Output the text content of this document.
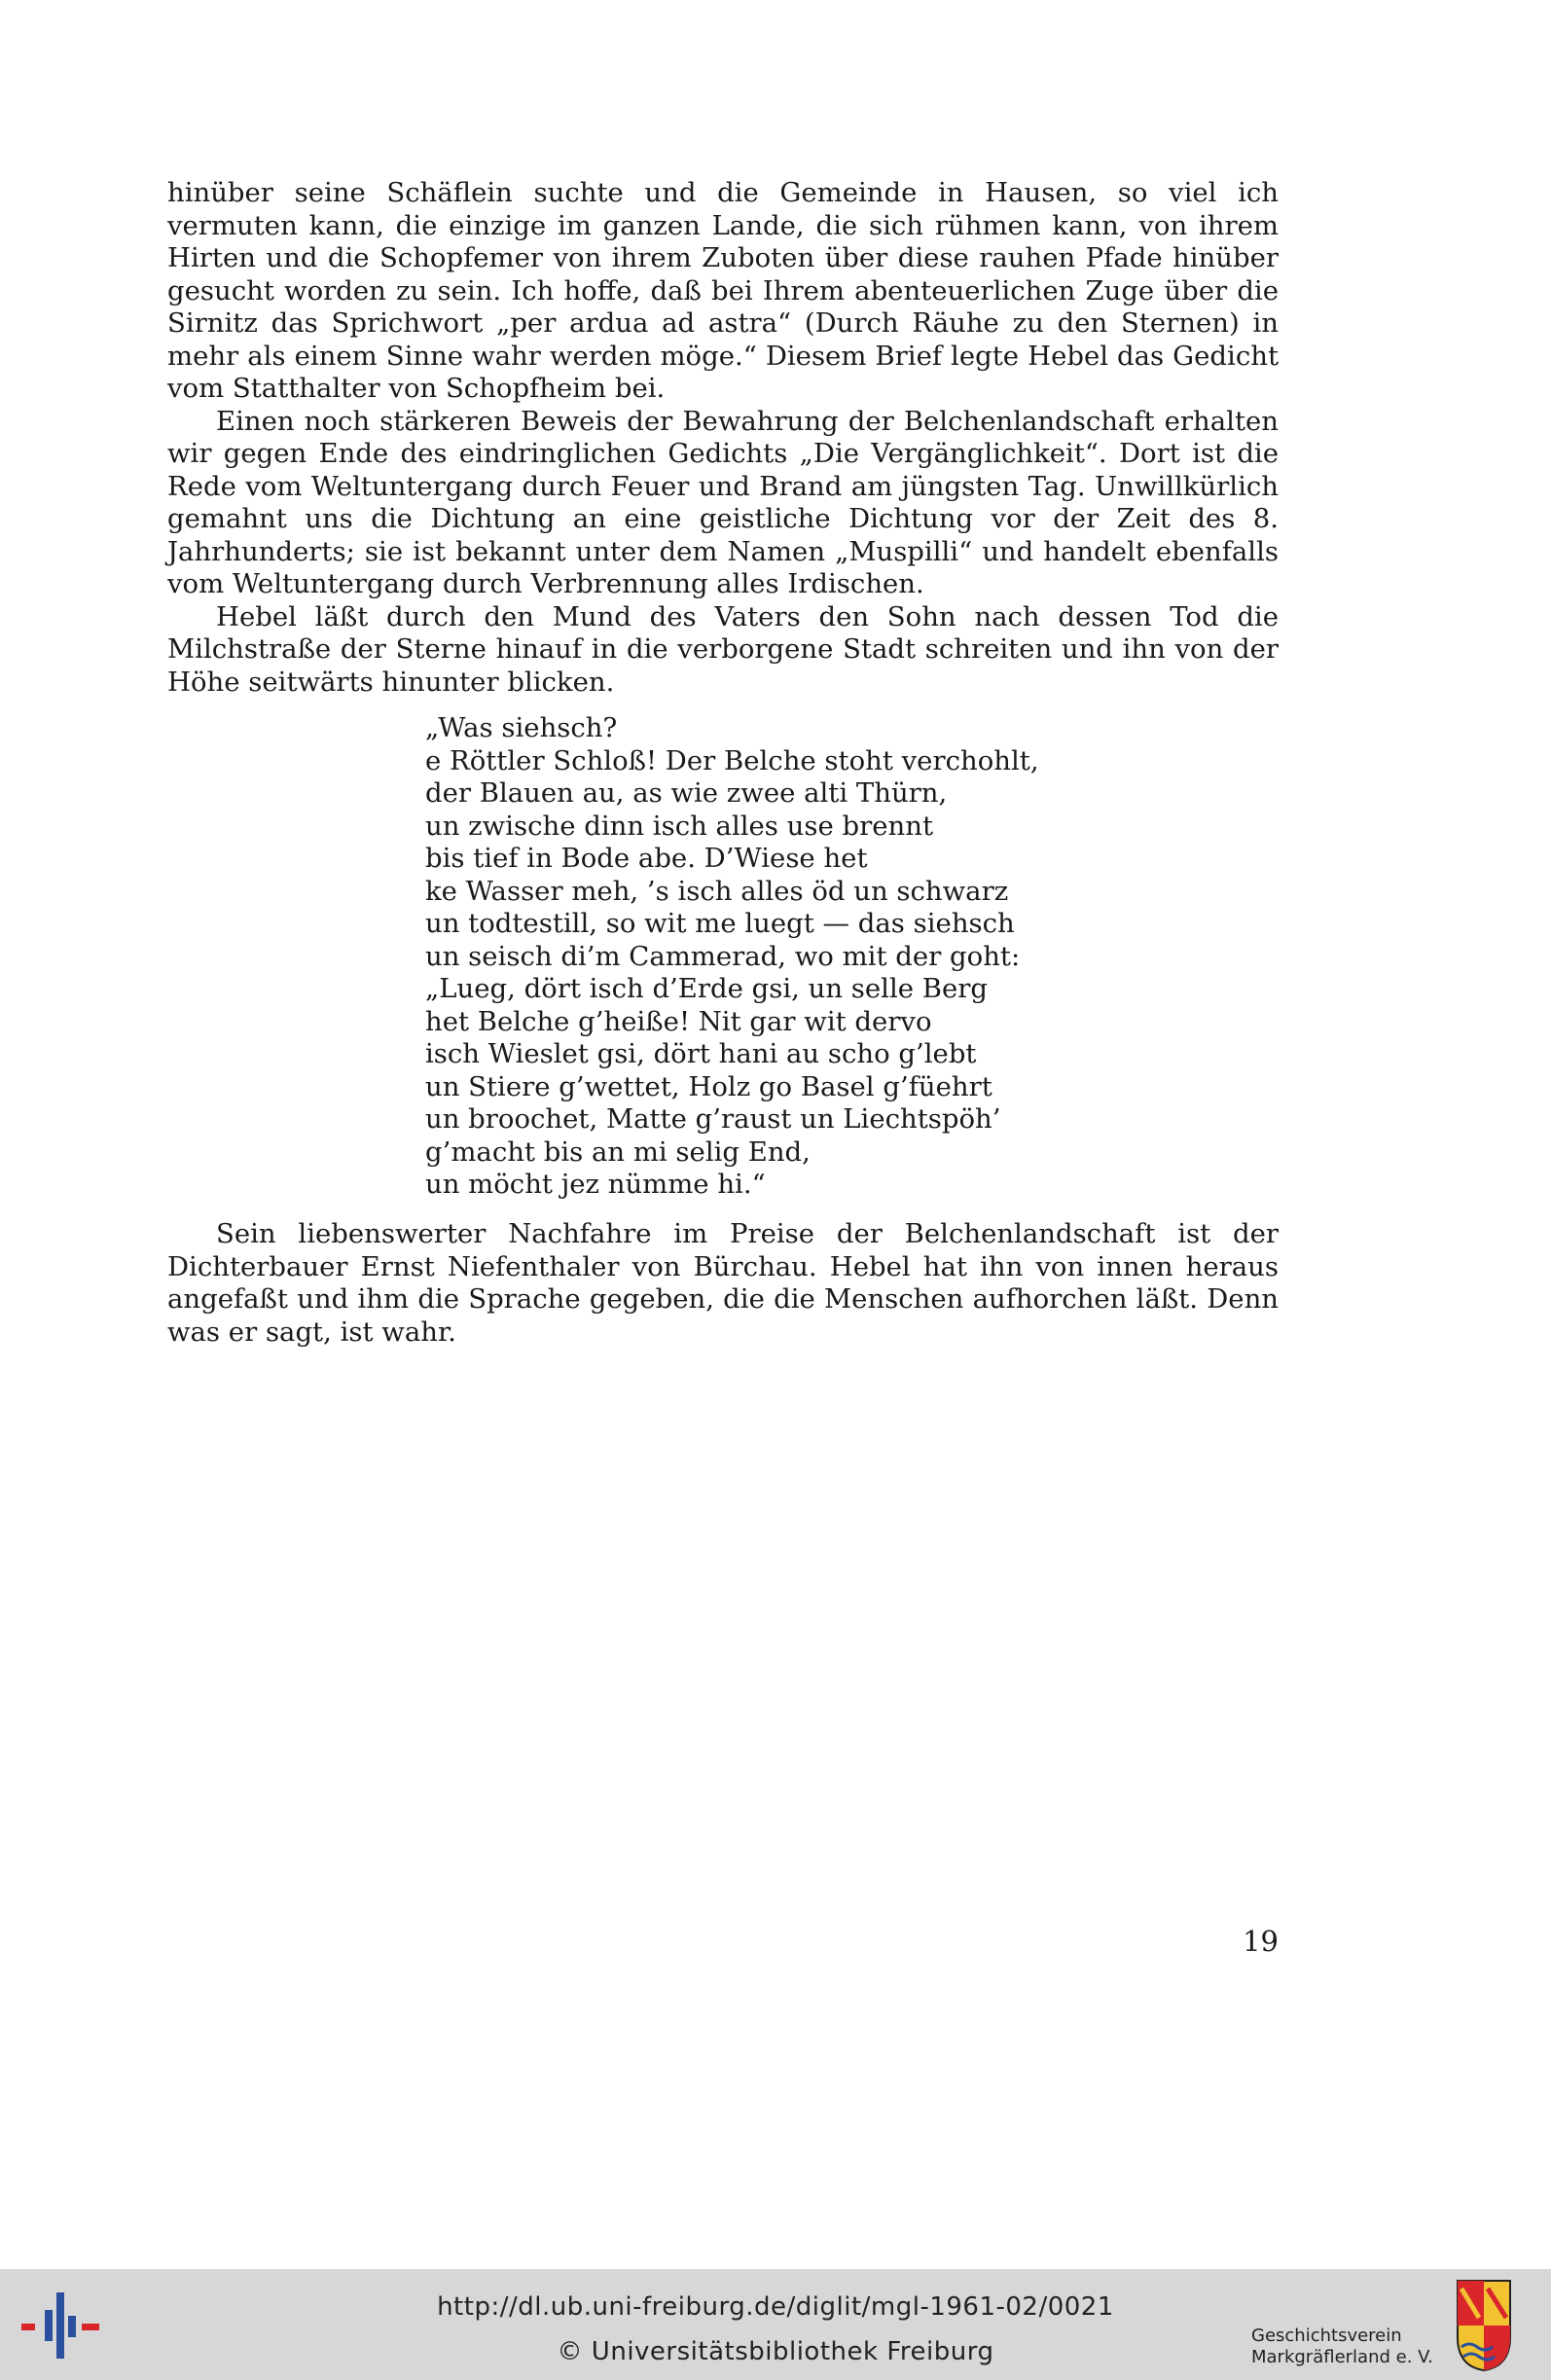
hinüber seine Schäflein suchte und die Gemeinde in Hausen, so viel ich vermuten kann, die einzige im ganzen Lande, die sich rühmen kann, von ihrem Hirten und die Schopfemer von ihrem Zuboten über diese rauhen Pfade hinüber gesucht worden zu sein. Ich hoffe, daß bei Ihrem abenteuerlichen Zuge über die Sirnitz das Sprichwort „per ardua ad astra“ (Durch Räuhe zu den Sternen) in mehr als einem Sinne wahr werden möge.“ Diesem Brief legte Hebel das Gedicht vom Statthalter von Schopfheim bei.

Einen noch stärkeren Beweis der Bewahrung der Belchenlandschaft erhalten wir gegen Ende des eindringlichen Gedichts „Die Vergänglichkeit“. Dort ist die Rede vom Weltuntergang durch Feuer und Brand am jüngsten Tag. Unwillkürlich gemahnt uns die Dichtung an eine geistliche Dichtung vor der Zeit des 8. Jahrhunderts; sie ist bekannt unter dem Namen „Muspilli“ und handelt ebenfalls vom Weltuntergang durch Verbrennung alles Irdischen.

Hebel läßt durch den Mund des Vaters den Sohn nach dessen Tod die Milchstraße der Sterne hinauf in die verborgene Stadt schreiten und ihn von der Höhe seitwärts hinunter blicken.

„Was siehsch?
e Röttler Schloß! Der Belche stoht verchohlt,
der Blauen au, as wie zwee alti Thürn,
un zwische dinn isch alles use brennt
bis tief in Bode abe. D’Wiese het
ke Wasser meh, ’s isch alles öd un schwarz
un todtestill, so wit me luegt — das siehsch
un seisch di’m Cammerad, wo mit der goht:
„Lueg, dört isch d’Erde gsi, un selle Berg
het Belche g’heiße! Nit gar wit dervo
isch Wieslet gsi, dört hani au scho g’lebt
un Stiere g’wettet, Holz go Basel g’füehrt
un broochet, Matte g’raust un Liechtspöh’
g’macht bis an mi selig End,
un möcht jez nümme hi.“

Sein liebenswerter Nachfahre im Preise der Belchenlandschaft ist der Dichterbauer Ernst Niefenthaler von Bürchau. Hebel hat ihn von innen heraus angefaßt und ihm die Sprache gegeben, die die Menschen aufhorchen läßt. Denn was er sagt, ist wahr.

19
http://dl.ub.uni-freiburg.de/diglit/mgl-1961-02/0021
© Universitätsbibliothek Freiburg
Geschichtsverein
Markgräflerland e. V.
